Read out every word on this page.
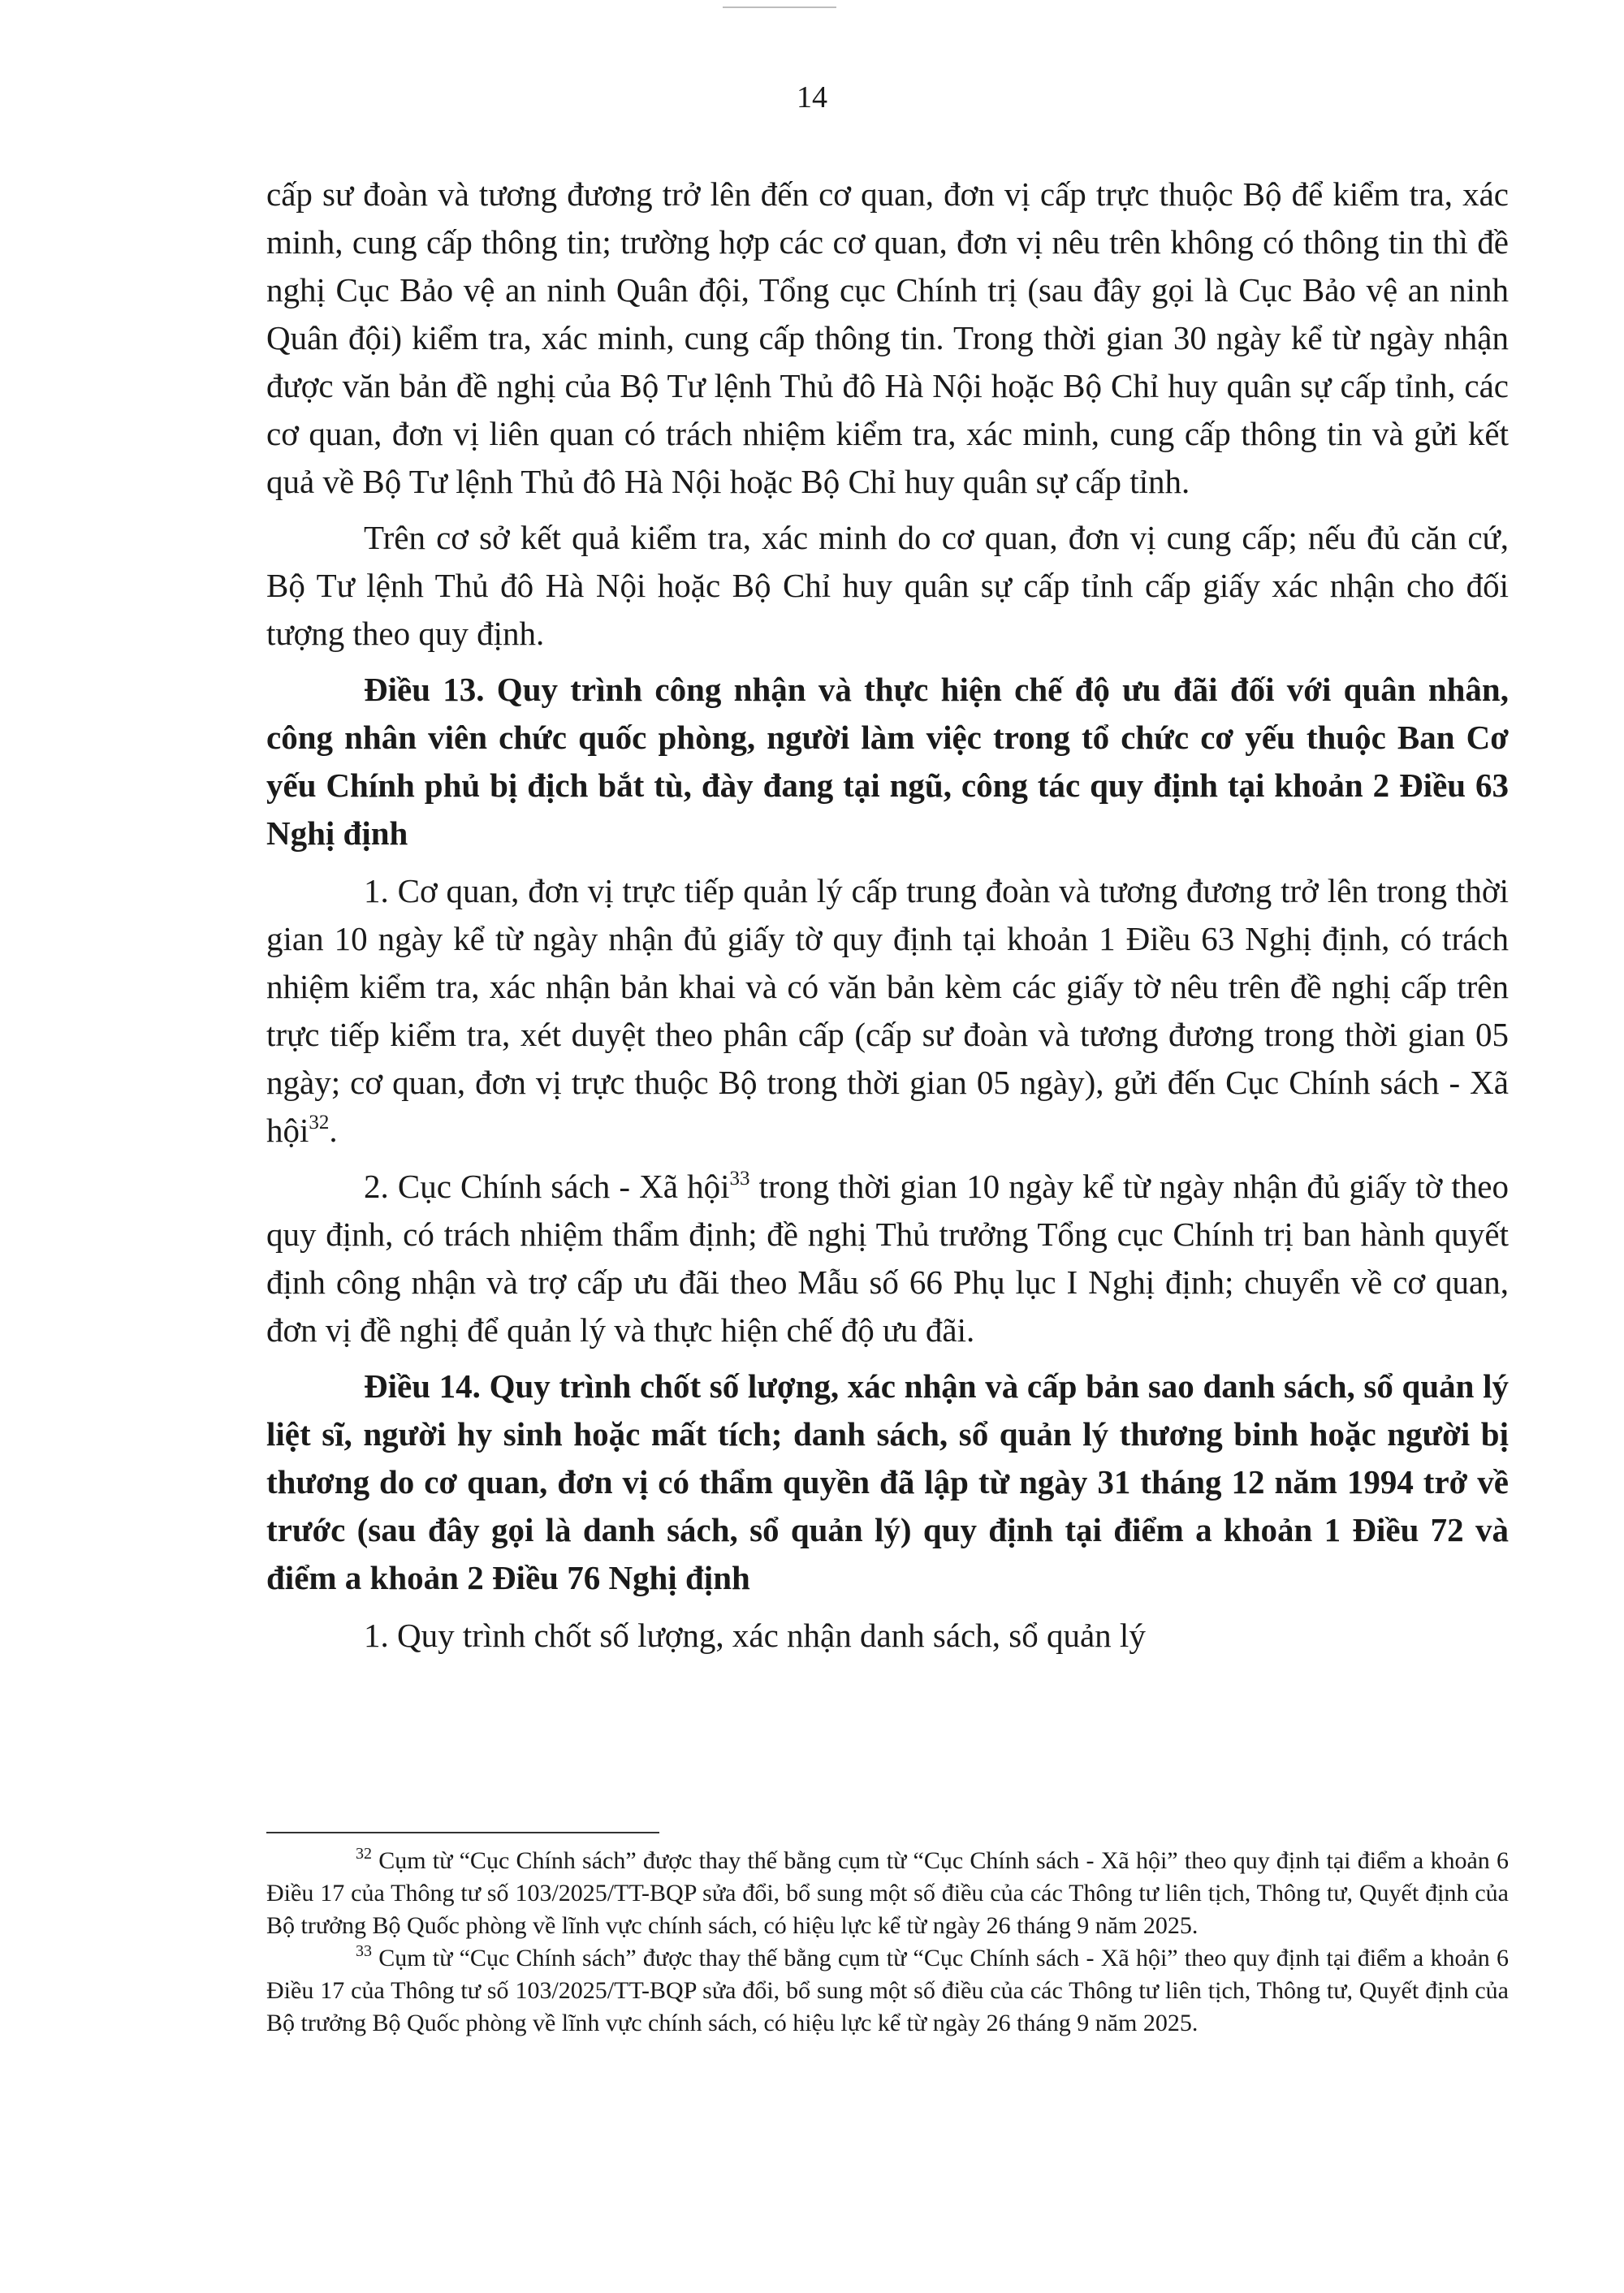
14

cấp sư đoàn và tương đương trở lên đến cơ quan, đơn vị cấp trực thuộc Bộ để kiểm tra, xác minh, cung cấp thông tin; trường hợp các cơ quan, đơn vị nêu trên không có thông tin thì đề nghị Cục Bảo vệ an ninh Quân đội, Tổng cục Chính trị (sau đây gọi là Cục Bảo vệ an ninh Quân đội) kiểm tra, xác minh, cung cấp thông tin. Trong thời gian 30 ngày kể từ ngày nhận được văn bản đề nghị của Bộ Tư lệnh Thủ đô Hà Nội hoặc Bộ Chỉ huy quân sự cấp tỉnh, các cơ quan, đơn vị liên quan có trách nhiệm kiểm tra, xác minh, cung cấp thông tin và gửi kết quả về Bộ Tư lệnh Thủ đô Hà Nội hoặc Bộ Chỉ huy quân sự cấp tỉnh.

Trên cơ sở kết quả kiểm tra, xác minh do cơ quan, đơn vị cung cấp; nếu đủ căn cứ, Bộ Tư lệnh Thủ đô Hà Nội hoặc Bộ Chỉ huy quân sự cấp tỉnh cấp giấy xác nhận cho đối tượng theo quy định.

Điều 13. Quy trình công nhận và thực hiện chế độ ưu đãi đối với quân nhân, công nhân viên chức quốc phòng, người làm việc trong tổ chức cơ yếu thuộc Ban Cơ yếu Chính phủ bị địch bắt tù, đày đang tại ngũ, công tác quy định tại khoản 2 Điều 63 Nghị định

1. Cơ quan, đơn vị trực tiếp quản lý cấp trung đoàn và tương đương trở lên trong thời gian 10 ngày kể từ ngày nhận đủ giấy tờ quy định tại khoản 1 Điều 63 Nghị định, có trách nhiệm kiểm tra, xác nhận bản khai và có văn bản kèm các giấy tờ nêu trên đề nghị cấp trên trực tiếp kiểm tra, xét duyệt theo phân cấp (cấp sư đoàn và tương đương trong thời gian 05 ngày; cơ quan, đơn vị trực thuộc Bộ trong thời gian 05 ngày), gửi đến Cục Chính sách - Xã hội$^{32}$.

2. Cục Chính sách - Xã hội$^{33}$ trong thời gian 10 ngày kể từ ngày nhận đủ giấy tờ theo quy định, có trách nhiệm thẩm định; đề nghị Thủ trưởng Tổng cục Chính trị ban hành quyết định công nhận và trợ cấp ưu đãi theo Mẫu số 66 Phụ lục I Nghị định; chuyển về cơ quan, đơn vị đề nghị để quản lý và thực hiện chế độ ưu đãi.

Điều 14. Quy trình chốt số lượng, xác nhận và cấp bản sao danh sách, sổ quản lý liệt sĩ, người hy sinh hoặc mất tích; danh sách, sổ quản lý thương binh hoặc người bị thương do cơ quan, đơn vị có thẩm quyền đã lập từ ngày 31 tháng 12 năm 1994 trở về trước (sau đây gọi là danh sách, sổ quản lý) quy định tại điểm a khoản 1 Điều 72 và điểm a khoản 2 Điều 76 Nghị định

1. Quy trình chốt số lượng, xác nhận danh sách, sổ quản lý

$^{32}$ Cụm từ “Cục Chính sách” được thay thế bằng cụm từ “Cục Chính sách - Xã hội” theo quy định tại điểm a khoản 6 Điều 17 của Thông tư số 103/2025/TT-BQP sửa đổi, bổ sung một số điều của các Thông tư liên tịch, Thông tư, Quyết định của Bộ trưởng Bộ Quốc phòng về lĩnh vực chính sách, có hiệu lực kể từ ngày 26 tháng 9 năm 2025.

$^{33}$ Cụm từ “Cục Chính sách” được thay thế bằng cụm từ “Cục Chính sách - Xã hội” theo quy định tại điểm a khoản 6 Điều 17 của Thông tư số 103/2025/TT-BQP sửa đổi, bổ sung một số điều của các Thông tư liên tịch, Thông tư, Quyết định của Bộ trưởng Bộ Quốc phòng về lĩnh vực chính sách, có hiệu lực kể từ ngày 26 tháng 9 năm 2025.
